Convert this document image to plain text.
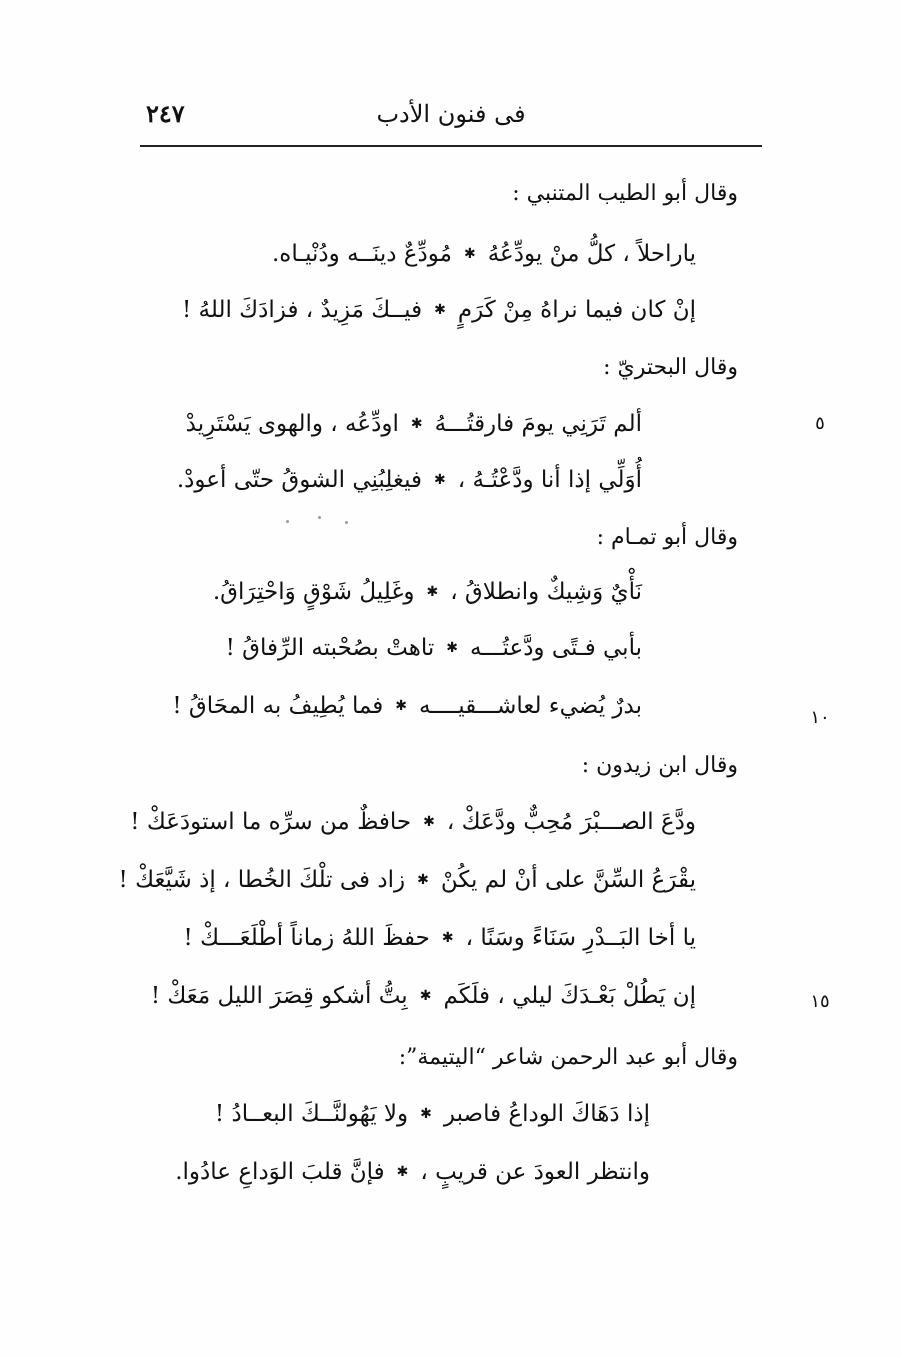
فى فنون الأدب
٢٤٧
وقال أبو الطيب المتنبي :
ياراحلاً ، كلُّ منْ يودِّعُهُ
✱
مُودِّعٌ دينَــه ودُنْيـاه.
إنْ كان فيما نراهُ مِنْ كَرَمٍ
✱
فيــكَ مَزِيدٌ ، فزادَكَ اللهُ !
وقال البحتريّ :
ألم تَرَنِي يومَ فارقتُـــهُ
✱
اودِّعُه ، والهوى يَسْتَرِيدْ	٥
أُوَلِّي إذا أنا ودَّعْتُـهُ ،
✱
فيغلِبُنِي الشوقُ حتّى أعودْ.
وقال أبو تمـام :
نَأْيٌ وَشِيكٌ وانطلاقُ ،
✱
وغَلِيلُ شَوْقٍ وَاحْتِرَاقُ.
بأبي فـتًى ودَّعتُـــه
✱
تاهتْ بصُحْبته الرِّفاقُ !
بدرٌ يُضيء لعاشـــقيــــه
✱
فما يُطِيفُ به المحَاقُ !	١٠
وقال ابن زيدون :
ودَّعَ الصـــبْرَ مُحِبٌّ ودَّعَكْ ،
✱
حافظٌ من سرِّه ما استودَعَكْ !
يقْرَعُ السِّنَّ على أنْ لم يكُنْ
✱
زاد فى تلْكَ الخُطا ، إذ شَيَّعَكْ !
يا أخا البَــدْرِ سَنَاءً وسَنًا ،
✱
حفظَ اللهُ زماناً أطْلَعَـــكْ !
إن يَطُلْ بَعْـدَكَ ليلي ، فلَكَم
✱
بِتُّ أشكو قِصَرَ الليل مَعَكْ !	١٥
وقال أبو عبد الرحمن شاعر “اليتيمة”:
إذا دَهَاكَ الوداعُ فاصبر
✱
ولا يَهُولنَّــكَ البعــادُ !
وانتظر العودَ عن قريبٍ ،
✱
فإنَّ قلبَ الوَداعِ عادُوا.
